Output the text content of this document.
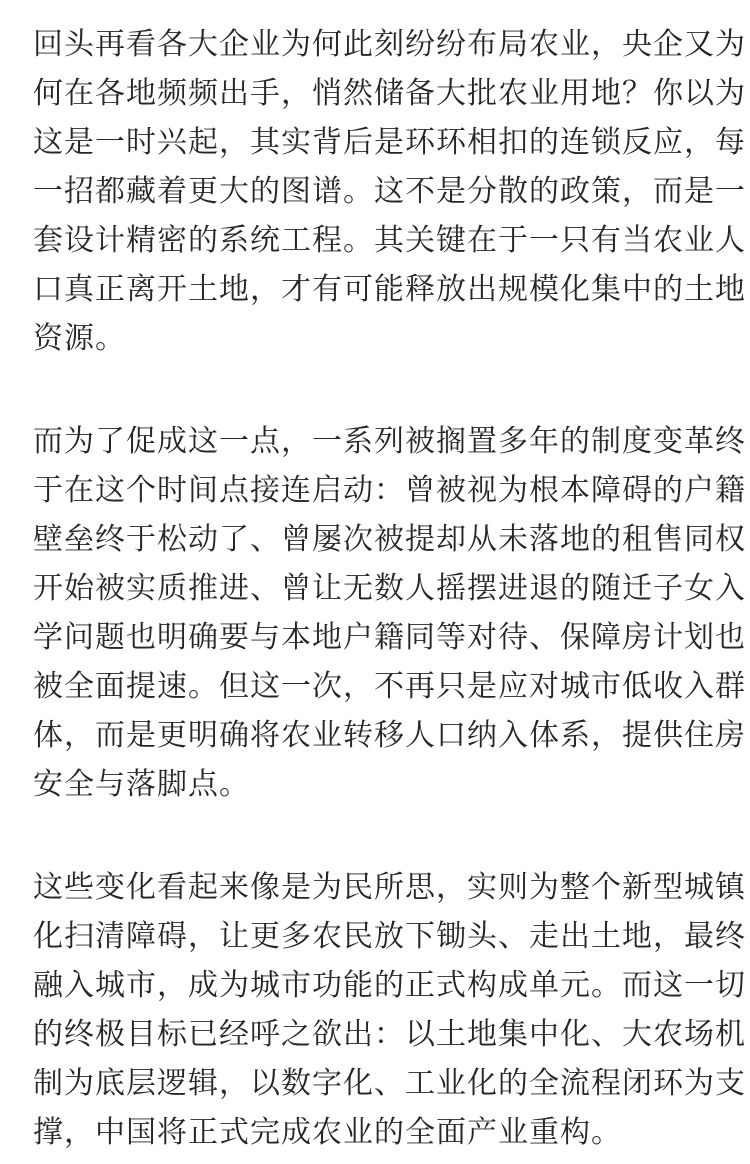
回头再看各大企业为何此刻纷纷布局农业，央企又为
何在各地频频出手，悄然储备大批农业用地？你以为
这是一时兴起，其实背后是环环相扣的连锁反应，每
一招都藏着更大的图谱。这不是分散的政策，而是一
套设计精密的系统工程。其关键在于一只有当农业人
口真正离开土地，才有可能释放出规模化集中的土地
资源。
而为了促成这一点，一系列被搁置多年的制度变革终
于在这个时间点接连启动：曾被视为根本障碍的户籍
壁垒终于松动了、曾屡次被提却从未落地的租售同权
开始被实质推进、曾让无数人摇摆进退的随迁子女入
学问题也明确要与本地户籍同等对待、保障房计划也
被全面提速。但这一次，不再只是应对城市低收入群
体，而是更明确将农业转移人口纳入体系，提供住房
安全与落脚点。
这些变化看起来像是为民所思，实则为整个新型城镇
化扫清障碍，让更多农民放下锄头、走出土地，最终
融入城市，成为城市功能的正式构成单元。而这一切
的终极目标已经呼之欲出：以土地集中化、大农场机
制为底层逻辑，以数字化、工业化的全流程闭环为支
撑，中国将正式完成农业的全面产业重构。
